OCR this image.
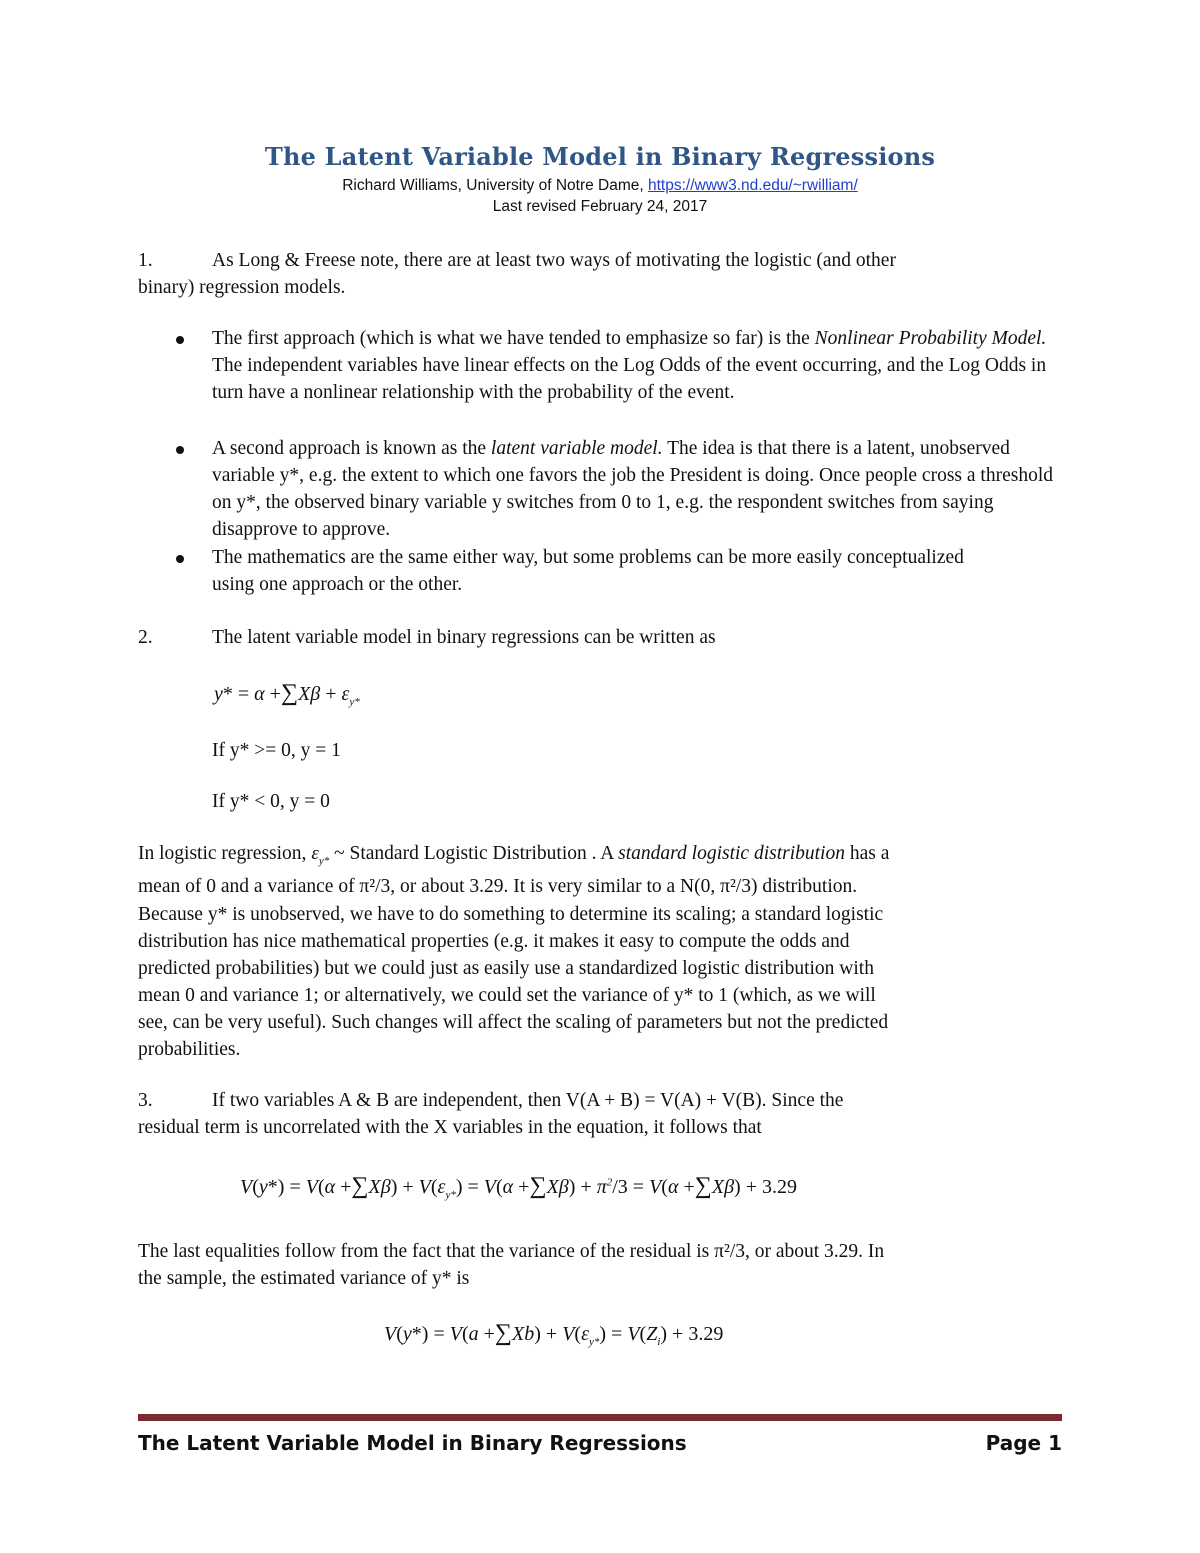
The Latent Variable Model in Binary Regressions
Richard Williams, University of Notre Dame, https://www3.nd.edu/~rwilliam/
Last revised February 24, 2017
1.	As Long & Freese note, there are at least two ways of motivating the logistic (and other
binary) regression models.
The first approach (which is what we have tended to emphasize so far) is the Nonlinear Probability Model. The independent variables have linear effects on the Log Odds of the event occurring, and the Log Odds in turn have a nonlinear relationship with the probability of the event.
A second approach is known as the latent variable model. The idea is that there is a latent, unobserved variable y*, e.g. the extent to which one favors the job the President is doing. Once people cross a threshold on y*, the observed binary variable y switches from 0 to 1, e.g. the respondent switches from saying disapprove to approve.
The mathematics are the same either way, but some problems can be more easily conceptualized using one approach or the other.
2.	The latent variable model in binary regressions can be written as
$y* = \alpha +\sum X\beta + \varepsilon_{y*}$
If y* >= 0, y = 1
If y* < 0, y = 0
In logistic regression, $\varepsilon_{y*}$ ~ Standard Logistic Distribution . A standard logistic distribution has a
mean of 0 and a variance of π²/3, or about 3.29. It is very similar to a N(0, π²/3) distribution.
Because y* is unobserved, we have to do something to determine its scaling; a standard logistic
distribution has nice mathematical properties (e.g. it makes it easy to compute the odds and
predicted probabilities) but we could just as easily use a standardized logistic distribution with
mean 0 and variance 1; or alternatively, we could set the variance of y* to 1 (which, as we will
see, can be very useful). Such changes will affect the scaling of parameters but not the predicted
probabilities.
3.	If two variables A & B are independent, then V(A + B) = V(A) + V(B). Since the
residual term is uncorrelated with the X variables in the equation, it follows that
$V(y*) = V(\alpha +\sum X\beta) + V(\varepsilon_{y*}) = V(\alpha +\sum X\beta) + \pi^2/3 = V(\alpha +\sum X\beta) + 3.29$
The last equalities follow from the fact that the variance of the residual is π²/3, or about 3.29. In
the sample, the estimated variance of y* is
$V(y*) = V(a +\sum Xb) + V(\varepsilon_{y*}) = V(Z_i) + 3.29$
The Latent Variable Model in Binary Regressions	Page 1
